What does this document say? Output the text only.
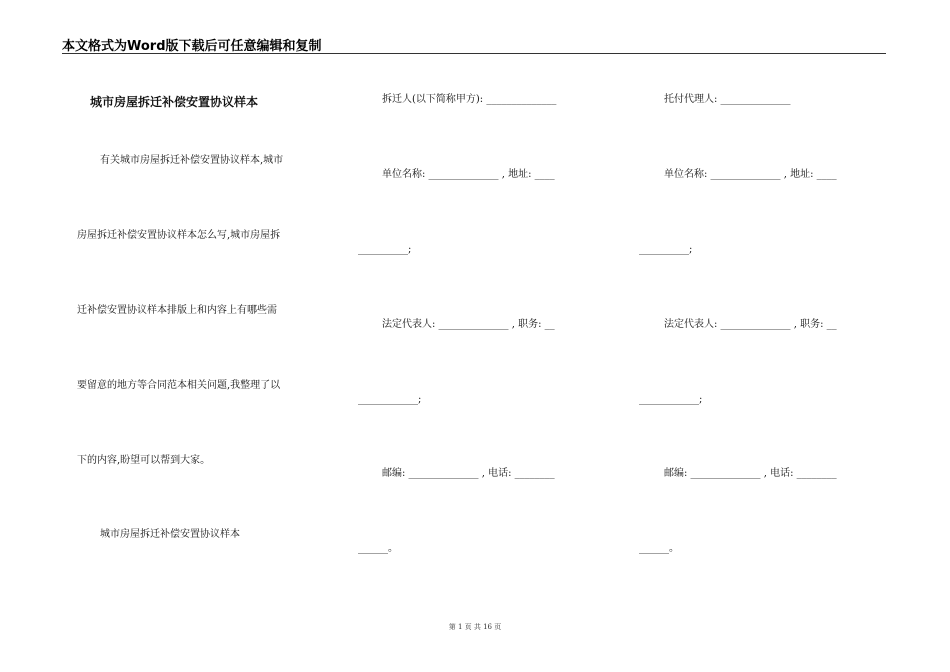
本文格式为Word版下载后可任意编辑和复制
城市房屋拆迁补偿安置协议样本
有关城市房屋拆迁补偿安置协议样本,城市
房屋拆迁补偿安置协议样本怎么写,城市房屋拆
迁补偿安置协议样本排版上和内容上有哪些需
要留意的地方等合同范本相关问题,我整理了以
下的内容,盼望可以帮到大家。
城市房屋拆迁补偿安置协议样本
拆迁人(以下简称甲方): ______________
单位名称: ______________ , 地址: ____
__________;
法定代表人: ______________ , 职务: __
____________;
邮编: ______________ , 电话: ________
______。
托付代理人: ______________
单位名称: ______________ , 地址: ____
__________;
法定代表人: ______________ , 职务: __
____________;
邮编: ______________ , 电话: ________
______。
第 1 页 共 16 页
